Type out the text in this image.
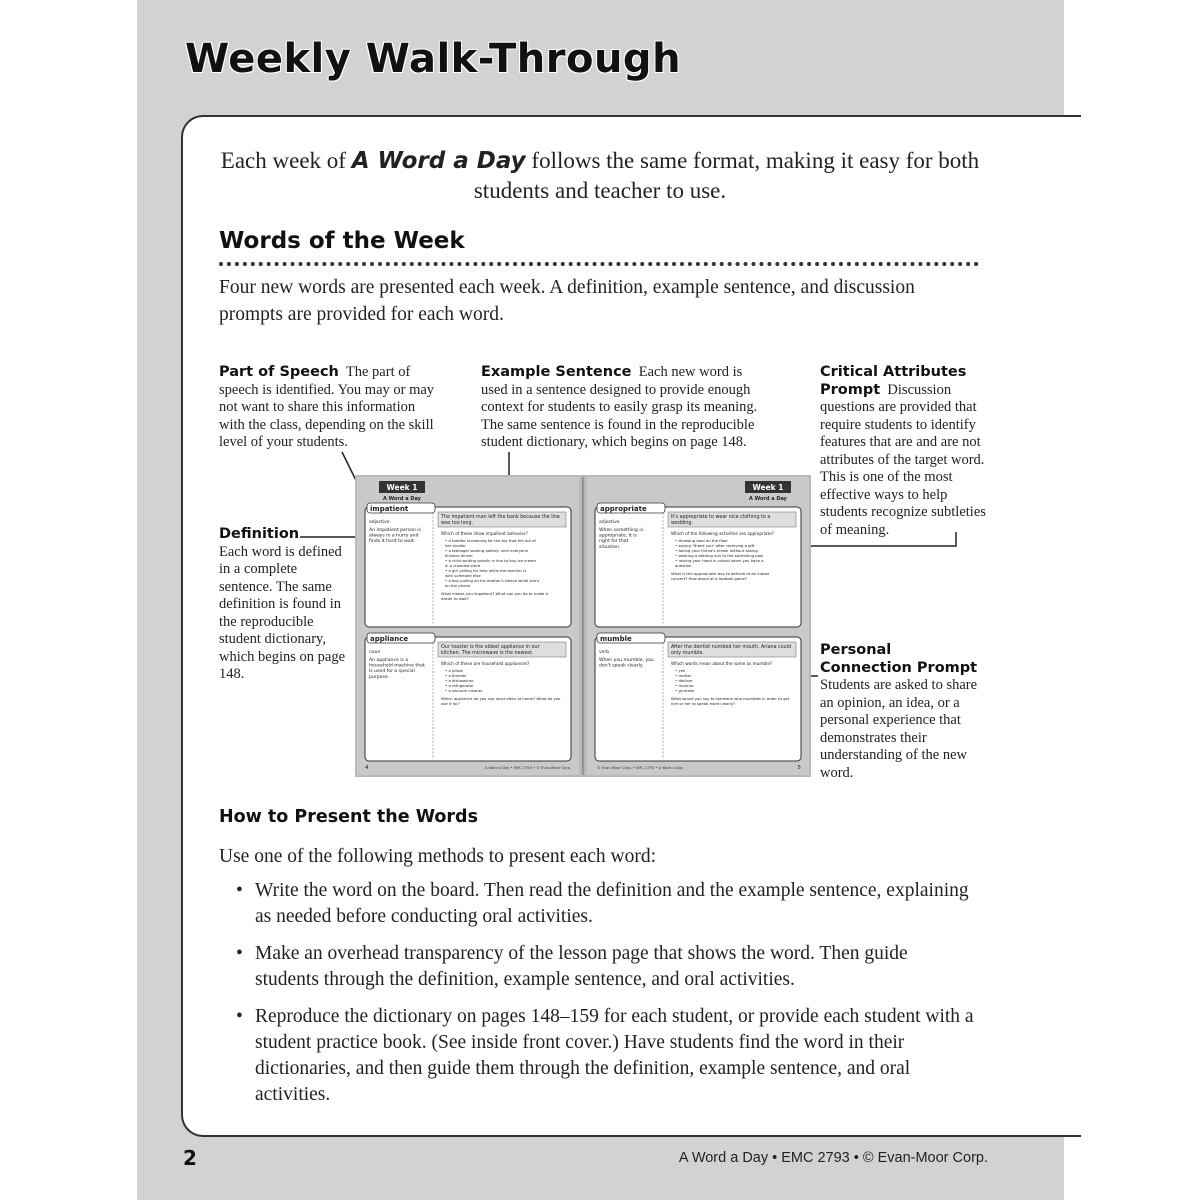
Weekly Walk-Through
Each week of A Word a Day follows the same format, making it easy for both students and teacher to use.
Words of the Week
Four new words are presented each week. A definition, example sentence, and discussion prompts are provided for each word.
Part of Speech The part of speech is identified. You may or may not want to share this information with the class, depending on the skill level of your students.
Example Sentence Each new word is used in a sentence designed to provide enough context for students to easily grasp its meaning. The same sentence is found in the reproducible student dictionary, which begins on page 148.
Critical Attributes Prompt Discussion questions are provided that require students to identify features that are and are not attributes of the target word. This is one of the most effective ways to help students recognize subtleties of meaning.
Definition
Each word is defined in a complete sentence. The same definition is found in the reproducible student dictionary, which begins on page 148.
Personal Connection Prompt  Students are asked to share an opinion, an idea, or a personal experience that demonstrates their understanding of the new word.
Week 1
A Word a Day
Week 1
A Word a Day
impatient
adjective
An impatient person is
always in a hurry and
finds it hard to wait.
The impatient man left the bank because the line
was too long.
Which of these show impatient behavior?
• a toddler screaming for the toy that fell out of
her stroller
• a teenager waiting politely until everyone
finishes dinner
• a child waiting quietly in line to buy ice cream
in a crowded store
• a girl yelling for help while the teacher is
with someone else
• a boy pulling on his mother's sleeve while she's
on the phone
What makes you impatient? What can you do to make it
easier to wait?
appropriate
adjective
When something is
appropriate, it is
right for that
situation.
It's appropriate to wear nice clothing to a
wedding.
Which of the following activities are appropriate?
• throwing food on the floor
• saying "thank you" after receiving a gift
• taking your friend's eraser without asking
• wearing a bathing suit to the swimming pool
• raising your hand in school when you have a
question
What is the appropriate way to behave at an indoor
concert? How about at a football game?
appliance
noun
An appliance is a
household machine that
is used for a special
purpose.
Our toaster is the oldest appliance in our
kitchen. The microwave is the newest.
Which of these are household appliances?
• a pillow
• a blender
• a dishwasher
• a refrigerator
• a vacuum cleaner
Which appliance do you use most often at home? What do you
use it for?
mumble
verb
When you mumble, you
don't speak clearly.
After the dentist numbed her mouth, Ariana could
only mumble.
Which words mean about the same as mumble?
• yell
• mutter
• declare
• murmur
• grumble
What would you say to someone who mumbles in order to get
him or her to speak more clearly?
4	A Word a Day • EMC 2793 • © Evan-Moor Corp.	5
© Evan-Moor Corp. • EMC 2793 • A Word a Day
How to Present the Words
Use one of the following methods to present each word:
• Write the word on the board. Then read the definition and the example sentence, explaining as needed before conducting oral activities.
• Make an overhead transparency of the lesson page that shows the word. Then guide students through the definition, example sentence, and oral activities.
• Reproduce the dictionary on pages 148–159 for each student, or provide each student with a student practice book. (See inside front cover.) Have students find the word in their dictionaries, and then guide them through the definition, example sentence, and oral activities.
2	A Word a Day • EMC 2793 • © Evan-Moor Corp.
